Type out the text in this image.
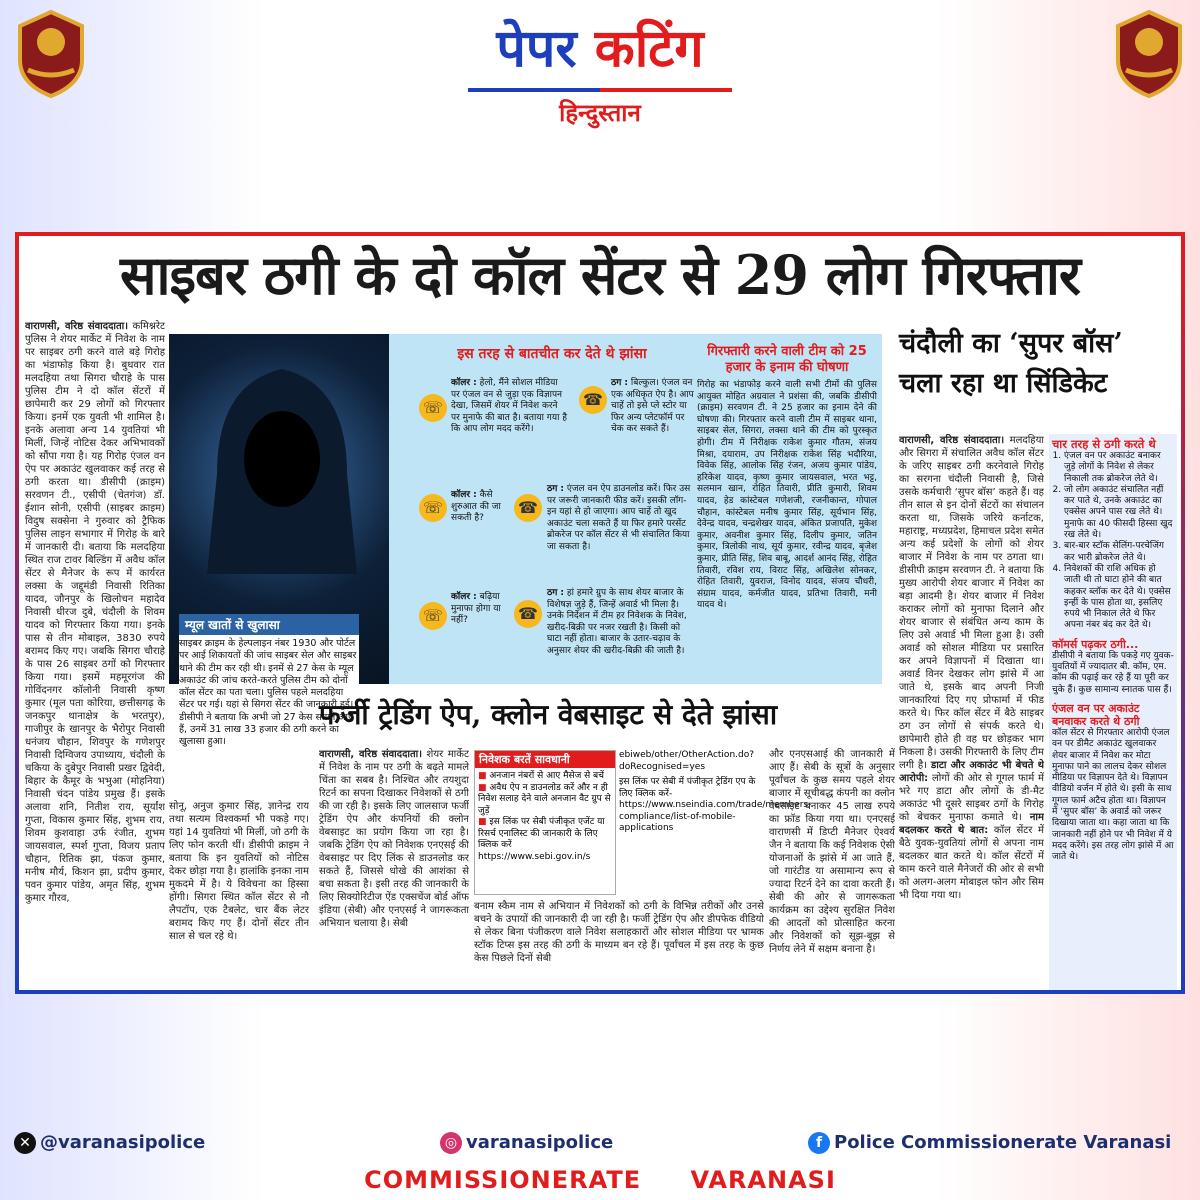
पेपर कटिंग
हिन्दुस्तान
साइबर ठगी के दो कॉल सेंटर से 29 लोग गिरफ्तार
वाराणसी, वरिष्ठ संवाददाता। कमिश्नरेट पुलिस ने शेयर मार्केट में निवेश के नाम पर साइबर ठगी करने वाले बड़े गिरोह का भंडाफोड़ किया है। बुधवार रात मलदहिया तथा सिगरा चौराहे के पास पुलिस टीम ने दो कॉल सेंटरों में छापेमारी कर 29 लोगों को गिरफ्तार किया। इनमें एक युवती भी शामिल है। इनके अलावा अन्य 14 युवतियां भी मिलीं, जिन्हें नोटिस देकर अभिभावकों को सौंपा गया है। यह गिरोह एंजल वन ऐप पर अकाउंट खुलवाकर कई तरह से ठगी करता था। डीसीपी (क्राइम) सरवणन टी., एसीपी (चेतगंज) डॉ. ईशान सोनी, एसीपी (साइबर क्राइम) विदुष सक्सेना ने गुरुवार को ट्रैफिक पुलिस लाइन सभागार में गिरोह के बारे में जानकारी दी। बताया कि मलदहिया स्थित राज टावर बिल्डिंग में अवैध कॉल सेंटर से मैनेजर के रूप में कार्यरत लक्सा के जद्दूमंडी निवासी रितिका यादव, जौनपुर के खिलोचन महादेव निवासी धीरज दुबे, चंदौली के शिवम यादव को गिरफ्तार किया गया। इनके पास से तीन मोबाइल, 3830 रुपये बरामद किए गए। जबकि सिगरा चौराहे के पास 26 साइबर ठगों को गिरफ्तार किया गया। इसमें महमूरगंज की गोविंदनगर कॉलोनी निवासी कृष्ण कुमार (मूल पता कोरिया, छत्तीसगढ़ के जनकपुर थानाक्षेत्र के भरतपुर), गाजीपुर के खानपुर के भैरोपुर निवासी धनंजय चौहान, शिवपुर के गणेशपुर निवासी दिग्विजय उपाध्याय, चंदौली के चकिया के दुबेपुर निवासी प्रखर द्विवेदी, बिहार के कैमूर के भभुआ (मोहनिया) निवासी चंदन पांडेय प्रमुख हैं। इसके अलावा शनि, नितीश राय, सूर्यांश गुप्ता, विकास कुमार सिंह, शुभम राय, शिवम कुशवाहा उर्फ रंजीत, शुभम जायसवाल, स्पर्श गुप्ता, विजय प्रताप चौहान, रितिक झा, पंकज कुमार, मनीष मौर्य, किशन झा, प्रदीप कुमार, पवन कुमार पांडेय, अमृत सिंह, शुभम कुमार गौरव,
इस तरह से बातचीत कर देते थे झांसा
☏
कॉलर : हेलो, मैंने सोशल मीडिया पर एंजल वन से जुड़ा एक विज्ञापन देखा, जिसमें शेयर में निवेश करने पर मुनाफे की बात है। बताया गया है कि आप लोग मदद करेंगे।
☎
ठग : बिल्कुल। एंजल वन एक अधिकृत ऐप है। आप चाहें तो इसे प्ले स्टोर या फिर अन्य प्लेटफॉर्म पर चेक कर सकते हैं।
☏
कॉलर : कैसे शुरुआत की जा सकती है?
☎
ठग : एंजल वन ऐप डाउनलोड करें। फिर उस पर जरूरी जानकारी फीड करें। इसकी लॉग-इन यहां से हो जाएगा। आप चाहें तो खुद अकाउंट चला सकते हैं या फिर हमारे परसेंट ब्रोकरेज पर कॉल सेंटर से भी संचालित किया जा सकता है।
☏
कॉलर : बढ़िया मुनाफा होगा या नहीं?	☎
ठग : हां हमारे ग्रुप के साथ शेयर बाजार के विशेषज्ञ जुड़े हैं, जिन्हें अवार्ड भी मिला है। उनके निर्देशन में टीम हर निवेशक के निवेश, खरीद-बिक्री पर नजर रखती है। किसी को घाटा नहीं होता। बाजार के उतार-चढ़ाव के अनुसार शेयर की खरीद-बिक्री की जाती है।
गिरफ्तारी करने वाली टीम को 25 हजार के इनाम की घोषणा

गिरोह का भंडाफोड़ करने वाली सभी टीमों की पुलिस आयुक्त मोहित अग्रवाल ने प्रशंसा की, जबकि डीसीपी (क्राइम) सरवणन टी. ने 25 हजार का इनाम देने की घोषणा की। गिरफ्तार करने वाली टीम में साइबर थाना, साइबर सेल, सिगरा, लक्सा थाने की टीम को पुरस्कृत होगी। टीम में निरीक्षक राकेश कुमार गौतम, संजय मिश्रा, दयाराम, उप निरीक्षक राकेश सिंह भदौरिया, विवेक सिंह, आलोक सिंह रंजन, अजय कुमार पांडेय, हरिकेश यादव, कृष्ण कुमार जायसवाल, भरत भट्ट, सलमान खान, रोहित तिवारी, प्रीति कुमारी, शिवम यादव, हेड कांस्टेबल गणेशजी, रजनीकान्त, गोपाल चौहान, कांस्टेबल मनीष कुमार सिंह, सूर्यभान सिंह, देवेन्द्र यादव, चन्द्रशेखर यादव, अंकित प्रजापति, मुकेश कुमार, अवनीश कुमार सिंह, दिलीप कुमार, जतिन कुमार, त्रिलोकी नाथ, सूर्य कुमार, रवीन्द्र यादव, बृजेश कुमार, प्रीति सिंह, शिव बाबू, आदर्श आनंद सिंह, रोहित तिवारी, रविश राय, विराट सिंह, अखिलेश सोनकर, रोहित तिवारी, युवराज, विनोद यादव, संजय चौधरी, संग्राम यादव, कर्मजीत यादव, प्रतिभा तिवारी, मनी यादव थे।

म्यूल खातों से खुलासा

साइबर क्राइम के हेल्पलाइन नंबर 1930 और पोर्टल पर आई शिकायतों की जांच साइबर सेल और साइबर थाने की टीम कर रही थी। इनमें से 27 केस के म्यूल अकाउंट की जांच करते-करते पुलिस टीम को दोनों कॉल सेंटर का पता चला। पुलिस पहले मलदहिया सेंटर पर गई। यहां से सिगरा सेंटर की जानकारी हुई। डीसीपी ने बताया कि अभी जो 27 केस सामने आए हैं, उनमें 31 लाख 33 हजार की ठगी करने का खुलासा हुआ।

सोनू, अनुज कुमार सिंह, ज्ञानेन्द्र राय तथा सत्यम विश्वकर्मा भी पकड़े गए। यहां 14 युवतियां भी मिलीं, जो ठगी के लिए फोन करती थीं। डीसीपी क्राइम ने बताया कि इन युवतियों को नोटिस देकर छोड़ा गया है। हालांकि इनका नाम मुकदमे में है। ये विवेचना का हिस्सा होंगी। सिगरा स्थित कॉल सेंटर से नौ लैपटॉप, एक टैबलेट, चार बैंक लेटर बरामद किए गए हैं। दोनों सेंटर तीन साल से चल रहे थे।
फर्जी ट्रेडिंग ऐप, क्लोन वेबसाइट से देते झांसा
वाराणसी, वरिष्ठ संवाददाता। शेयर मार्केट में निवेश के नाम पर ठगी के बढ़ते मामले चिंता का सबब है। निश्चित और तयशुदा रिटर्न का सपना दिखाकर निवेशकों से ठगी की जा रही है। इसके लिए जालसाज फर्जी ट्रेडिंग ऐप और कंपनियों की क्लोन वेबसाइट का प्रयोग किया जा रहा है। जबकि ट्रेडिंग ऐप को निवेशक एनएसई की वेबसाइट पर दिए लिंक से डाउनलोड कर सकते हैं, जिससे धोखे की आशंका से बचा सकता है। इसी तरह की जानकारी के लिए सिक्योरिटीज ऐंड एक्सचेंज बोर्ड ऑफ इंडिया (सेबी) और एनएसई ने जागरूकता अभियान चलाया है। सेबी
निवेशक बरतें सावधानी
■ अनजान नंबरों से आए मैसेज से बचें
■ अवैध ऐप न डाउनलोड करें और न ही निवेश सलाह देने वाले अनजान वैट ग्रुप से जुड़ें
■ इस लिंक पर सेबी पंजीकृत एजेंट या रिसर्च एनालिस्ट की जानकारी के लिए क्लिक करें https://www.sebi.gov.in/s
ebiweb/other/OtherAction.do?doRecognised=yes
इस लिंक पर सेबी में पंजीकृत ट्रेडिंग एप के लिए क्लिक करें- https://www.nseindia.com/trade/members-compliance/list-of-mobile-applications
बनाम स्कैम नाम से अभियान में निवेशकों को ठगी के विभिन्न तरीकों और उनसे बचने के उपायों की जानकारी दी जा रही है। फर्जी ट्रेडिंग ऐप और डीपफेक वीडियो से लेकर बिना पंजीकरण वाले निवेश सलाहकारों और सोशल मीडिया पर भ्रामक स्टॉक टिप्स इस तरह की ठगी के माध्यम बन रहे हैं। पूर्वांचल में इस तरह के कुछ केस पिछले दिनों सेबी
और एनएसआई की जानकारी में आए हैं। सेबी के सूत्रों के अनुसार पूर्वांचल के कुछ समय पहले शेयर बाजार में सूचीबद्ध कंपनी का क्लोन वेबसाइट बनाकर 45 लाख रुपये का फ्रॉड किया गया था। एनएसई वाराणसी में डिप्टी मैनेजर ऐश्वर्य जैन ने बताया कि कई निवेशक ऐसी योजनाओं के झांसे में आ जाते हैं, जो गारंटीड या असामान्य रूप से ज्यादा रिटर्न देने का दावा करती हैं। सेबी की ओर से जागरूकता कार्यक्रम का उद्देश्य सुरक्षित निवेश की आदतों को प्रोत्साहित करना और निवेशकों को सूझ-बूझ से निर्णय लेने में सक्षम बनाना है।
चंदौली का ‘सुपर बॉस’
चला रहा था सिंडिकेट
वाराणसी, वरिष्ठ संवाददाता। मलदहिया और सिगरा में संचालित अवैध कॉल सेंटर के जरिए साइबर ठगी करनेवाले गिरोह का सरगना चंदौली निवासी है, जिसे उसके कर्मचारी ‘सुपर बॉस’ कहते हैं। वह तीन साल से इन दोनों सेंटरों का संचालन करता था, जिसके जरिये कर्नाटक, महाराष्ट्र, मध्यप्रदेश, हिमाचल प्रदेश समेत अन्य कई प्रदेशों के लोगों को शेयर बाजार में निवेश के नाम पर ठगता था। डीसीपी क्राइम सरवणन टी. ने बताया कि मुख्य आरोपी शेयर बाजार में निवेश का बड़ा आदमी है। शेयर बाजार में निवेश कराकर लोगों को मुनाफा दिलाने और शेयर बाजार से संबंधित अन्य काम के लिए उसे अवार्ड भी मिला हुआ है। उसी अवार्ड को सोशल मीडिया पर प्रसारित कर अपने विज्ञापनों में दिखाता था। अवार्ड विनर देखकर लोग झांसे में आ जाते थे, इसके बाद अपनी निजी जानकारियां दिए गए प्रोफार्मा में फीड करते थे। फिर कॉल सेंटर में बैठे साइबर ठग उन लोगों से संपर्क करते थे। छापेमारी होते ही वह घर छोड़कर भाग निकला है। उसकी गिरफ्तारी के लिए टीम लगी है। डाटा और अकाउंट भी बेचते थे आरोपी: लोगों की ओर से गूगल फार्म में भरे गए डाटा और लोगों के डी-मैट अकाउंट भी दूसरे साइबर ठगों के गिरोह को बेचकर मुनाफा कमाते थे। नाम बदलकर करते थे बात: कॉल सेंटर में बैठे युवक-युवतियां लोगों से अपना नाम बदलकर बात करते थे। कॉल सेंटरों में काम करने वाले मैनेजरों की ओर से सभी को अलग-अलग मोबाइल फोन और सिम भी दिया गया था।
चार तरह से ठगी करते थे
1. एंजल वन पर अकाउंट बनाकर जुड़े लोगों के निवेश से लेकर निकाली तक ब्रोकरेज लेते थे।
2. जो लोग अकाउंट संचालित नहीं कर पाते थे, उनके अकाउंट का एक्सेस अपने पास रख लेते थे। मुनाफे का 40 फीसदी हिस्सा खुद रख लेते थे।
3. बार-बार स्टॉक सेलिंग-परचेजिंग कर भारी ब्रोकरेज लेते थे।
4. निवेशकों की राशि अधिक हो जाती थी तो घाटा होने की बात कहकर ब्लॉक कर देते थे। एक्सेस इन्हीं के पास होता था, इसलिए रुपये भी निकाल लेते थे फिर अपना नंबर बंद कर देते थे।
कॉमर्स पढ़कर ठगी...
डीसीपी ने बताया कि पकड़े गए युवक-युवतियों में ज्यादातर बी. कॉम, एम. कॉम की पढ़ाई कर रहे हैं या पूरी कर चुके हैं। कुछ सामान्य स्नातक पास हैं।
एंजल वन पर अकाउंट बनवाकर करते थे ठगी
कॉल सेंटर से गिरफ्तार आरोपी एंजल वन पर डीमैट अकाउंट खुलवाकर शेयर बाजार में निवेश कर मोटा मुनाफा पाने का लालच देकर सोशल मीडिया पर विज्ञापन देते थे। विज्ञापन वीडियो वर्जन में होते थे। इसी के साथ गूगल फार्म अटैच होता था। विज्ञापन में ‘सुपर बॉस’ के अवार्ड को जरूर दिखाया जाता था। कहा जाता था कि जानकारी नहीं होने पर भी निवेश में ये मदद करेंगे। इस तरह लोग झांसे में आ जाते थे।
✕ @varanasipolice	◎ varanasipolice	f Police Commissionerate Varanasi
COMMISSIONERATE VARANASI
